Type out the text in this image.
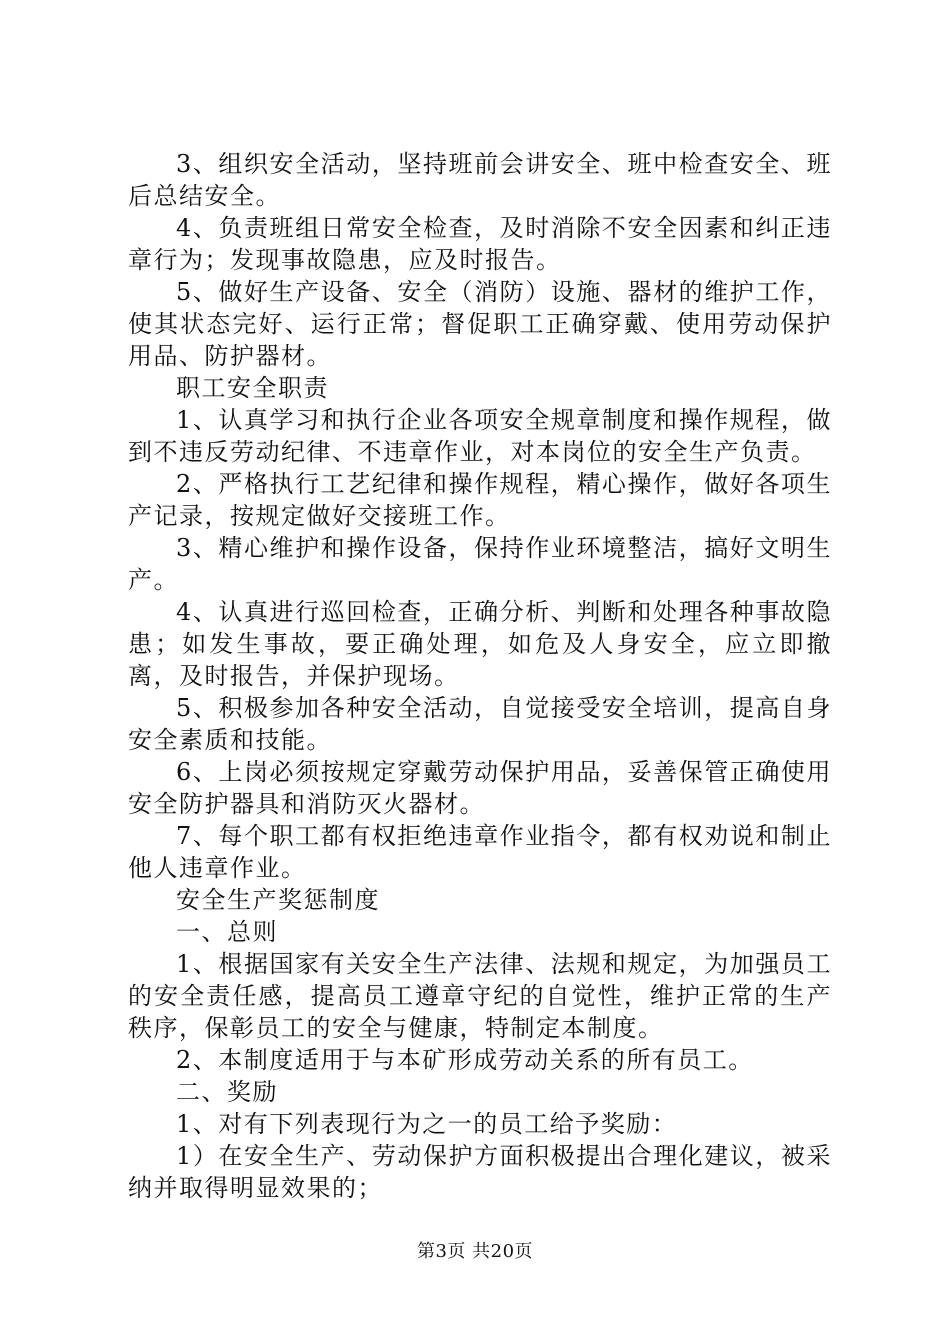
3、组织安全活动，坚持班前会讲安全、班中检查安全、班后总结安全。

4、负责班组日常安全检查，及时消除不安全因素和纠正违章行为；发现事故隐患，应及时报告。

5、做好生产设备、安全（消防）设施、器材的维护工作，使其状态完好、运行正常；督促职工正确穿戴、使用劳动保护用品、防护器材。

职工安全职责

1、认真学习和执行企业各项安全规章制度和操作规程，做到不违反劳动纪律、不违章作业，对本岗位的安全生产负责。

2、严格执行工艺纪律和操作规程，精心操作，做好各项生产记录，按规定做好交接班工作。

3、精心维护和操作设备，保持作业环境整洁，搞好文明生产。

4、认真进行巡回检查，正确分析、判断和处理各种事故隐患；如发生事故，要正确处理，如危及人身安全，应立即撤离，及时报告，并保护现场。

5、积极参加各种安全活动，自觉接受安全培训，提高自身安全素质和技能。

6、上岗必须按规定穿戴劳动保护用品，妥善保管正确使用安全防护器具和消防灭火器材。

7、每个职工都有权拒绝违章作业指令，都有权劝说和制止他人违章作业。

安全生产奖惩制度

一、总则

1、根据国家有关安全生产法律、法规和规定，为加强员工的安全责任感，提高员工遵章守纪的自觉性，维护正常的生产秩序，保彰员工的安全与健康，特制定本制度。

2、本制度适用于与本矿形成劳动关系的所有员工。

二、奖励

1、对有下列表现行为之一的员工给予奖励：

1）在安全生产、劳动保护方面积极提出合理化建议，被采纳并取得明显效果的；

第3页 共20页
